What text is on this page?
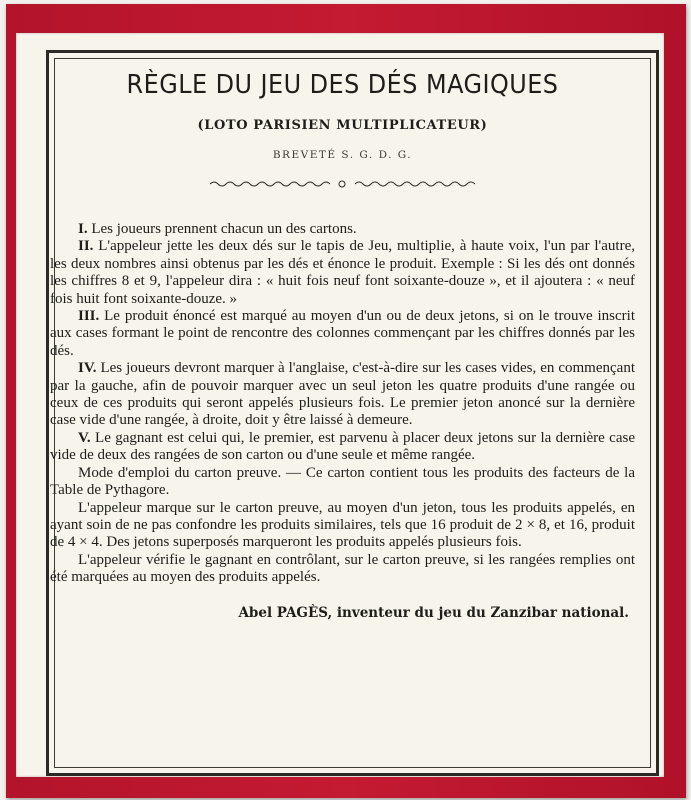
RÈGLE DU JEU DES DÉS MAGIQUES
(LOTO PARISIEN MULTIPLICATEUR)
BREVETÉ S. G. D. G.

I. Les joueurs prennent chacun un des cartons.

II. L'appeleur jette les deux dés sur le tapis de Jeu, multiplie, à haute voix, l'un par l'autre, les deux nombres ainsi obtenus par les dés et énonce le produit. Exemple : Si les dés ont donnés les chiffres 8 et 9, l'appeleur dira : « huit fois neuf font soixante-douze », et il ajoutera : « neuf fois huit font soixante-douze. »

III. Le produit énoncé est marqué au moyen d'un ou de deux jetons, si on le trouve inscrit aux cases formant le point de rencontre des colonnes commençant par les chiffres donnés par les dés.

IV. Les joueurs devront marquer à l'anglaise, c'est-à-dire sur les cases vides, en commençant par la gauche, afin de pouvoir marquer avec un seul jeton les quatre produits d'une rangée ou ceux de ces produits qui seront appelés plusieurs fois. Le premier jeton anoncé sur la dernière case vide d'une rangée, à droite, doit y être laissé à demeure.

V. Le gagnant est celui qui, le premier, est parvenu à placer deux jetons sur la dernière case vide de deux des rangées de son carton ou d'une seule et même rangée.

Mode d'emploi du carton preuve. — Ce carton contient tous les produits des facteurs de la Table de Pythagore.

L'appeleur marque sur le carton preuve, au moyen d'un jeton, tous les produits appelés, en ayant soin de ne pas confondre les produits similaires, tels que 16 produit de 2 × 8, et 16, produit de 4 × 4. Des jetons superposés marqueront les produits appelés plusieurs fois.

L'appeleur vérifie le gagnant en contrôlant, sur le carton preuve, si les rangées remplies ont été marquées au moyen des produits appelés.

Abel PAGÈS, inventeur du jeu du Zanzibar national.
